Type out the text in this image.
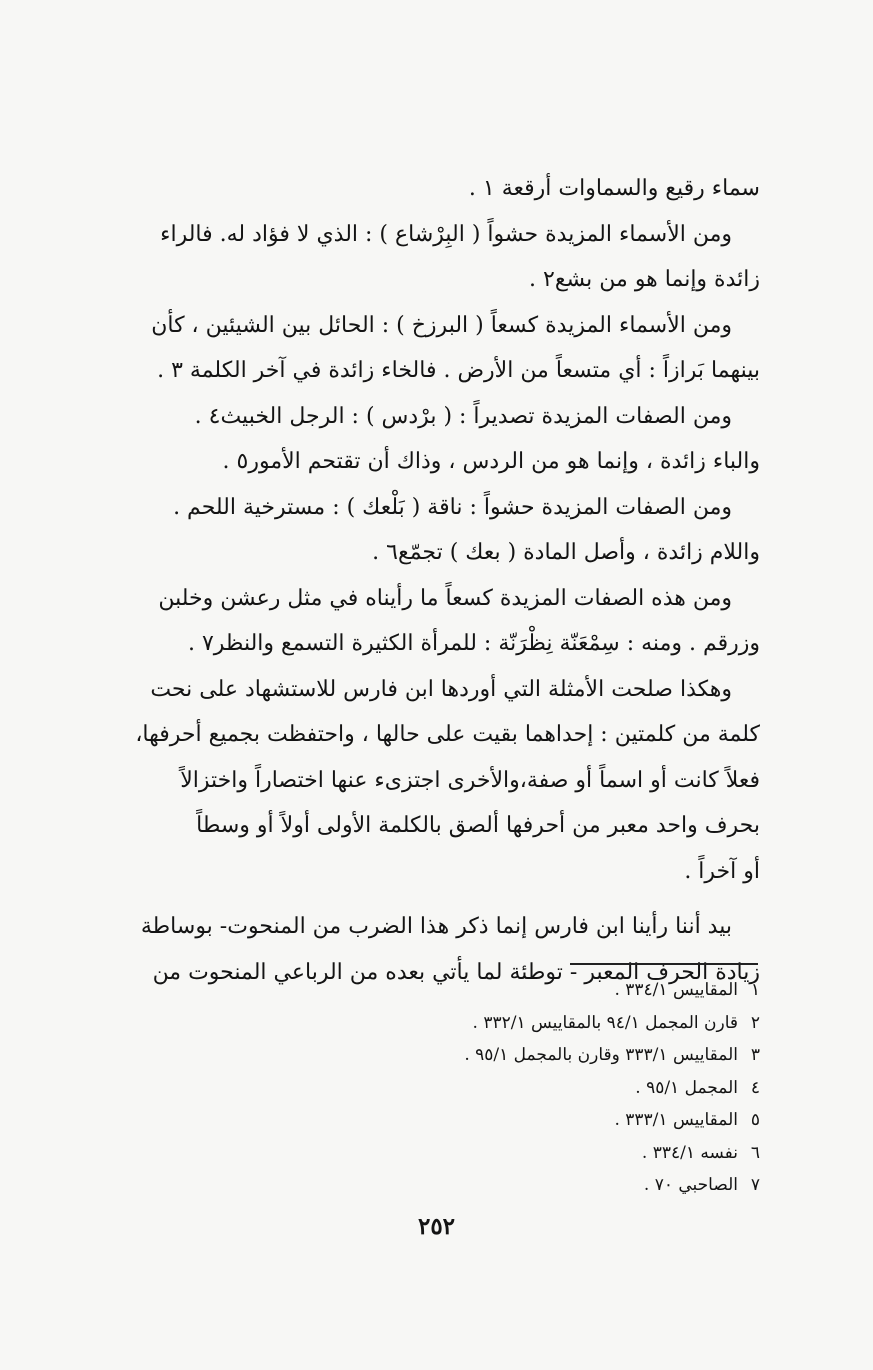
سماء رقيع والسماوات أرقعة ١ .
ومن الأسماء المزيدة حشواً ( البِرْشاع ) : الذي لا فؤاد له. فالراء
زائدة وإنما هو من بشع٢ .
ومن الأسماء المزيدة كسعاً ( البرزخ ) : الحائل بين الشيئين ، كأن
بينهما بَرازاً : أي متسعاً من الأرض . فالخاء زائدة في آخر الكلمة ٣ .
ومن الصفات المزيدة تصديراً : ( برْدس ) : الرجل الخبيث٤ .
والباء زائدة ، وإنما هو من الردس ، وذاك أن تقتحم الأمور٥ .
ومن الصفات المزيدة حشواً : ناقة ( بَلْعك ) : مسترخية اللحم .
واللام زائدة ، وأصل المادة ( بعك ) تجمّع٦ .
ومن هذه الصفات المزيدة كسعاً ما رأيناه في مثل رعشن وخلبن
وزرقم . ومنه : سِمْعَنّة نِظْرَنّة : للمرأة الكثيرة التسمع والنظر٧ .
وهكذا صلحت الأمثلة التي أوردها ابن فارس للاستشهاد على نحت
كلمة من كلمتين : إحداهما بقيت على حالها ، واحتفظت بجميع أحرفها،
فعلاً كانت أو اسماً أو صفة،والأخرى اجتزىء عنها اختصاراً واختزالاً
بحرف واحد معبر من أحرفها ألصق بالكلمة الأولى أولاً أو وسطاً
أو آخراً .
بيد أننا رأينا ابن فارس إنما ذكر هذا الضرب من المنحوت- بوساطة
زيادة الحرف المعبر - توطئة لما يأتي بعده من الرباعي المنحوت من
١المقاييس ٣٣٤/١ .
٢قارن المجمل ٩٤/١ بالمقاييس ٣٣٢/١ .
٣المقاييس ٣٣٣/١ وقارن بالمجمل ٩٥/١ .
٤المجمل ٩٥/١ .
٥المقاييس ٣٣٣/١ .
٦نفسه ٣٣٤/١ .
٧الصاحبي ٧٠ .
٢٥٢
